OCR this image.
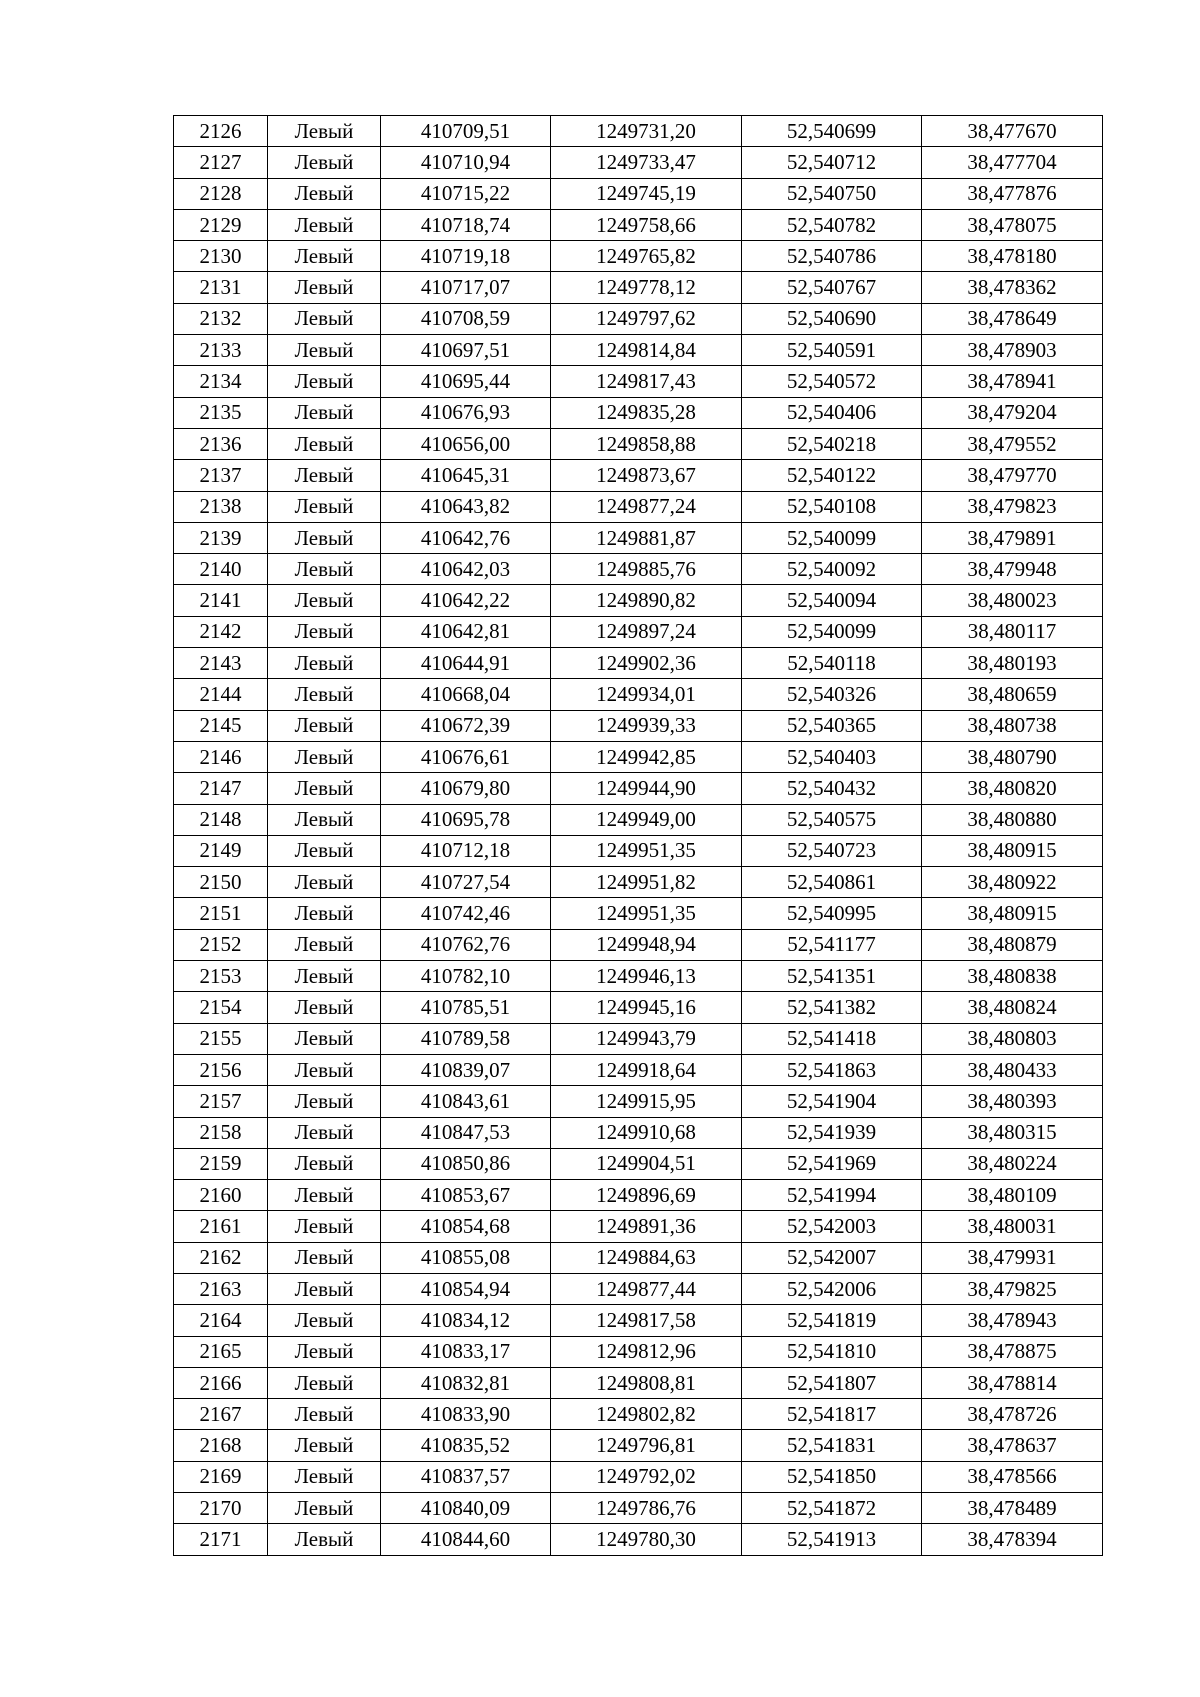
2126	Левый	410709,51	1249731,20	52,540699	38,477670
2127	Левый	410710,94	1249733,47	52,540712	38,477704
2128	Левый	410715,22	1249745,19	52,540750	38,477876
2129	Левый	410718,74	1249758,66	52,540782	38,478075
2130	Левый	410719,18	1249765,82	52,540786	38,478180
2131	Левый	410717,07	1249778,12	52,540767	38,478362
2132	Левый	410708,59	1249797,62	52,540690	38,478649
2133	Левый	410697,51	1249814,84	52,540591	38,478903
2134	Левый	410695,44	1249817,43	52,540572	38,478941
2135	Левый	410676,93	1249835,28	52,540406	38,479204
2136	Левый	410656,00	1249858,88	52,540218	38,479552
2137	Левый	410645,31	1249873,67	52,540122	38,479770
2138	Левый	410643,82	1249877,24	52,540108	38,479823
2139	Левый	410642,76	1249881,87	52,540099	38,479891
2140	Левый	410642,03	1249885,76	52,540092	38,479948
2141	Левый	410642,22	1249890,82	52,540094	38,480023
2142	Левый	410642,81	1249897,24	52,540099	38,480117
2143	Левый	410644,91	1249902,36	52,540118	38,480193
2144	Левый	410668,04	1249934,01	52,540326	38,480659
2145	Левый	410672,39	1249939,33	52,540365	38,480738
2146	Левый	410676,61	1249942,85	52,540403	38,480790
2147	Левый	410679,80	1249944,90	52,540432	38,480820
2148	Левый	410695,78	1249949,00	52,540575	38,480880
2149	Левый	410712,18	1249951,35	52,540723	38,480915
2150	Левый	410727,54	1249951,82	52,540861	38,480922
2151	Левый	410742,46	1249951,35	52,540995	38,480915
2152	Левый	410762,76	1249948,94	52,541177	38,480879
2153	Левый	410782,10	1249946,13	52,541351	38,480838
2154	Левый	410785,51	1249945,16	52,541382	38,480824
2155	Левый	410789,58	1249943,79	52,541418	38,480803
2156	Левый	410839,07	1249918,64	52,541863	38,480433
2157	Левый	410843,61	1249915,95	52,541904	38,480393
2158	Левый	410847,53	1249910,68	52,541939	38,480315
2159	Левый	410850,86	1249904,51	52,541969	38,480224
2160	Левый	410853,67	1249896,69	52,541994	38,480109
2161	Левый	410854,68	1249891,36	52,542003	38,480031
2162	Левый	410855,08	1249884,63	52,542007	38,479931
2163	Левый	410854,94	1249877,44	52,542006	38,479825
2164	Левый	410834,12	1249817,58	52,541819	38,478943
2165	Левый	410833,17	1249812,96	52,541810	38,478875
2166	Левый	410832,81	1249808,81	52,541807	38,478814
2167	Левый	410833,90	1249802,82	52,541817	38,478726
2168	Левый	410835,52	1249796,81	52,541831	38,478637
2169	Левый	410837,57	1249792,02	52,541850	38,478566
2170	Левый	410840,09	1249786,76	52,541872	38,478489
2171	Левый	410844,60	1249780,30	52,541913	38,478394
